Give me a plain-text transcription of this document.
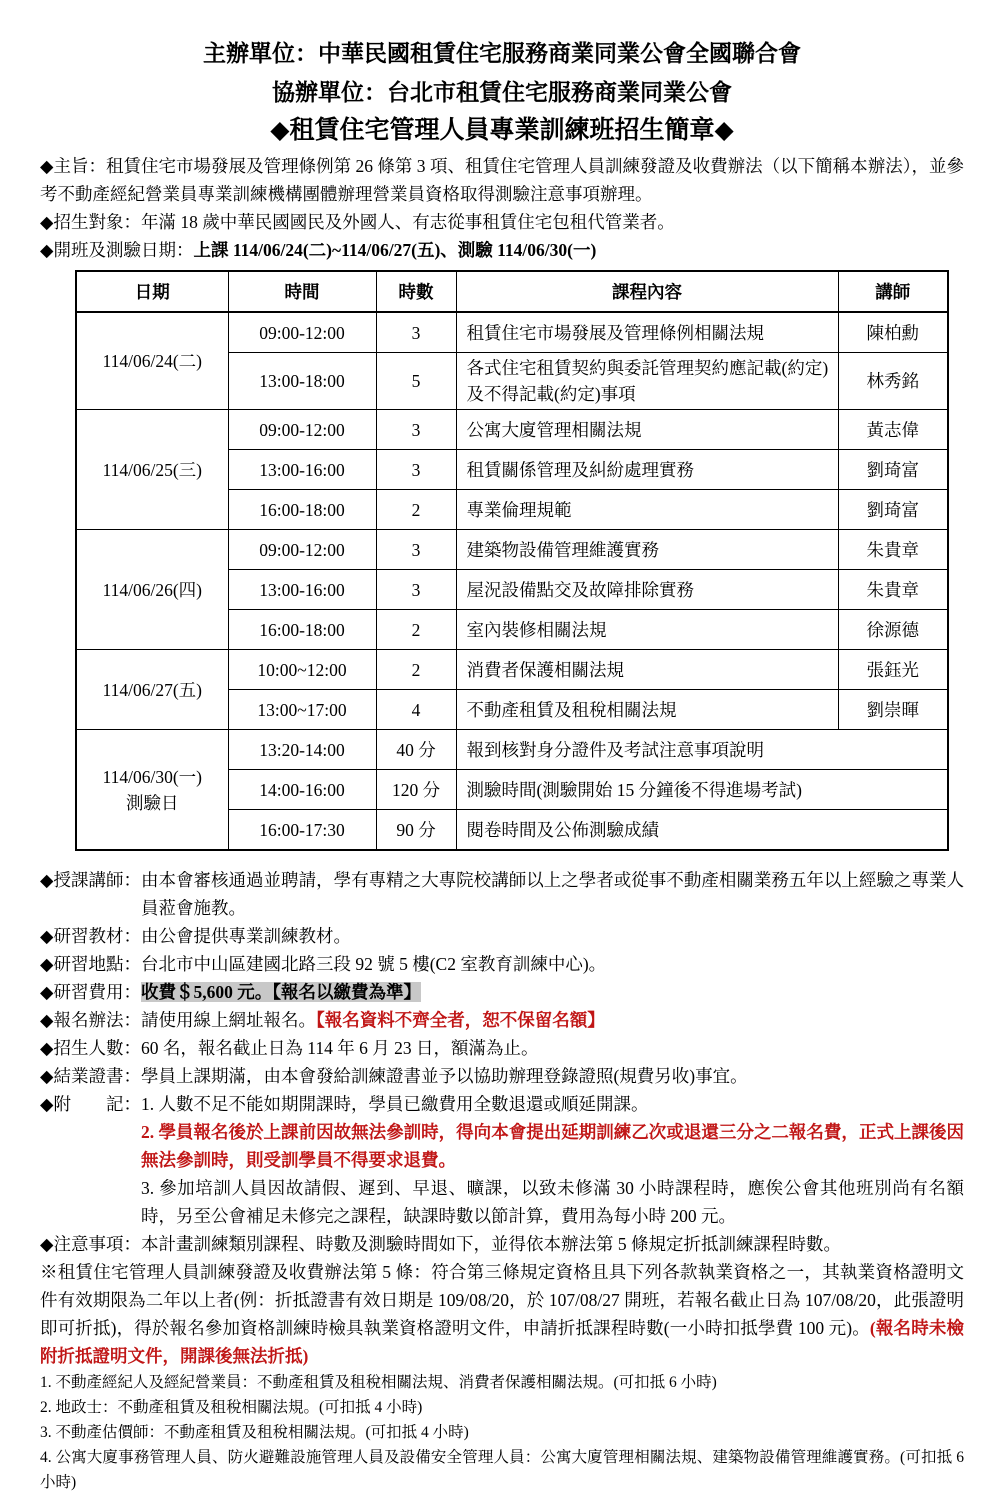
主辦單位：中華民國租賃住宅服務商業同業公會全國聯合會
協辦單位：台北市租賃住宅服務商業同業公會
◆租賃住宅管理人員專業訓練班招生簡章◆

◆主旨：租賃住宅市場發展及管理條例第 26 條第 3 項、租賃住宅管理人員訓練發證及收費辦法（以下簡稱本辦法），並參考不動產經紀營業員專業訓練機構團體辦理營業員資格取得測驗注意事項辦理。

◆招生對象：年滿 18 歲中華民國國民及外國人、有志從事租賃住宅包租代管業者。

◆開班及測驗日期：上課 114/06/24(二)~114/06/27(五)、測驗 114/06/30(一)

日期	時間	時數	課程內容	講師
114/06/24(二)	09:00-12:00	3	租賃住宅市場發展及管理條例相關法規	陳柏勳
	13:00-18:00	5	各式住宅租賃契約與委託管理契約應記載(約定)及不得記載(約定)事項	林秀銘
114/06/25(三)	09:00-12:00	3	公寓大廈管理相關法規	黃志偉
	13:00-16:00	3	租賃關係管理及糾紛處理實務	劉琦富
	16:00-18:00	2	專業倫理規範	劉琦富
114/06/26(四)	09:00-12:00	3	建築物設備管理維護實務	朱貴章
	13:00-16:00	3	屋況設備點交及故障排除實務	朱貴章
	16:00-18:00	2	室內裝修相關法規	徐源德
114/06/27(五)	10:00~12:00	2	消費者保護相關法規	張鈺光
	13:00~17:00	4	不動產租賃及租稅相關法規	劉崇暉

114/06/30(一)
測驗日	13:20-14:00	40 分	報到核對身分證件及考試注意事項說明	
	14:00-16:00	120 分	測驗時間(測驗開始 15 分鐘後不得進場考試)	
	16:00-17:30	90 分	閱卷時間及公佈測驗成績	
◆授課講師： 由本會審核通過並聘請，學有專精之大專院校講師以上之學者或從事不動產相關業務五年以上經驗之專業人員蒞會施教。
◆研習教材： 由公會提供專業訓練教材。
◆研習地點： 台北市中山區建國北路三段 92 號 5 樓(C2 室教育訓練中心)。
◆研習費用： 收費＄5,600 元。【報名以繳費為準】
◆報名辦法： 請使用線上網址報名。【報名資料不齊全者，恕不保留名額】
◆招生人數： 60 名，報名截止日為 114 年 6 月 23 日，額滿為止。
◆結業證書： 學員上課期滿，由本會發給訓練證書並予以協助辦理登錄證照(規費另收)事宜。
◆附　　記： 1. 人數不足不能如期開課時，學員已繳費用全數退還或順延開課。
2. 學員報名後於上課前因故無法參訓時，得向本會提出延期訓練乙次或退還三分之二報名費，正式上課後因無法參訓時，則受訓學員不得要求退費。
3. 參加培訓人員因故請假、遲到、早退、曠課，以致未修滿 30 小時課程時，應俟公會其他班別尚有名額時，另至公會補足未修完之課程，缺課時數以節計算，費用為每小時 200 元。
◆注意事項： 本計畫訓練類別課程、時數及測驗時間如下，並得依本辦法第 5 條規定折抵訓練課程時數。

※租賃住宅管理人員訓練發證及收費辦法第 5 條：符合第三條規定資格且具下列各款執業資格之一，其執業資格證明文件有效期限為二年以上者(例：折抵證書有效日期是 109/08/20，於 107/08/27 開班，若報名截止日為 107/08/20，此張證明即可折抵)，得於報名參加資格訓練時檢具執業資格證明文件，申請折抵課程時數(一小時扣抵學費 100 元)。(報名時未檢附折抵證明文件，開課後無法折抵)

1. 不動產經紀人及經紀營業員：不動產租賃及租稅相關法規、消費者保護相關法規。(可扣抵 6 小時)

2. 地政士：不動產租賃及租稅相關法規。(可扣抵 4 小時)

3. 不動產估價師：不動產租賃及租稅相關法規。(可扣抵 4 小時)

4. 公寓大廈事務管理人員、防火避難設施管理人員及設備安全管理人員：公寓大廈管理相關法規、建築物設備管理維護實務。(可扣抵 6 小時)
